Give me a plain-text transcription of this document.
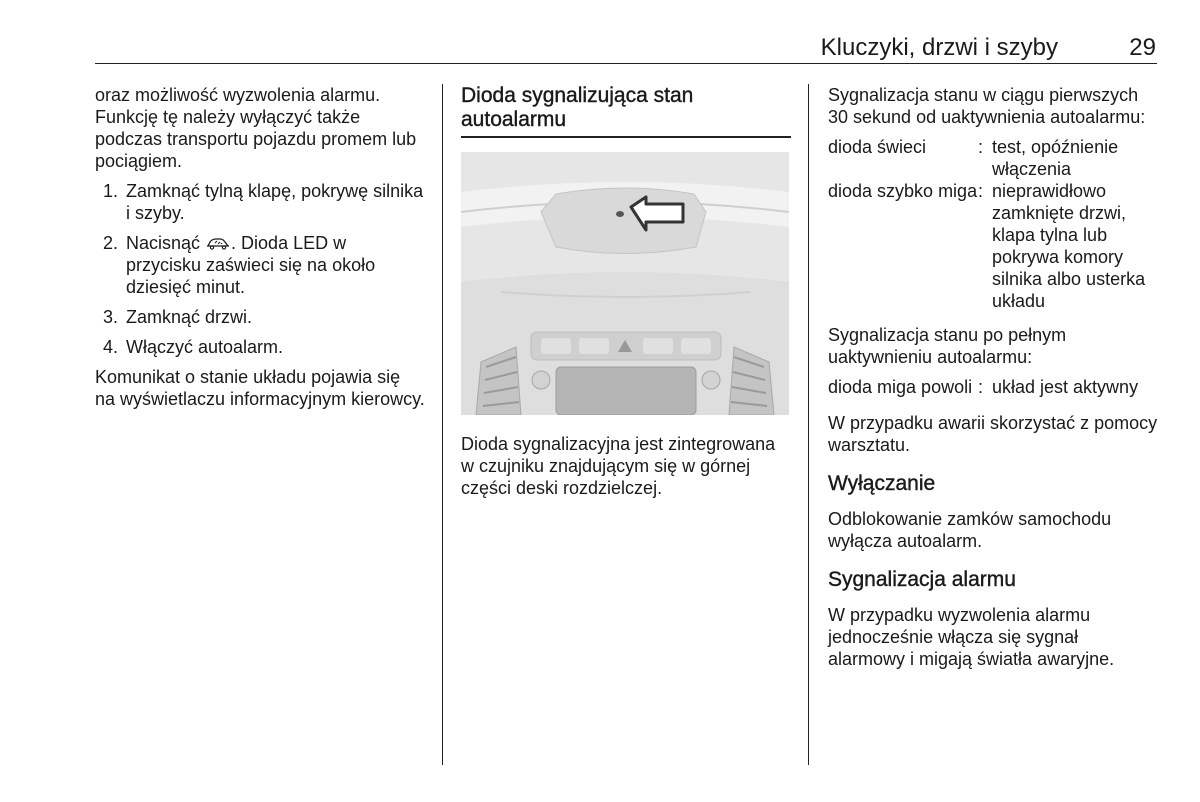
Kluczyki, drzwi i szyby	29

oraz możliwość wyzwolenia alarmu. Funkcję tę należy wyłączyć także podczas transportu pojazdu promem lub pociągiem.

1. Zamknąć tylną klapę, pokrywę silnika i szyby.
2. Nacisnąć . Dioda LED w przycisku zaświeci się na około dziesięć minut.
3. Zamknąć drzwi.
4. Włączyć autoalarm.

Komunikat o stanie układu pojawia się na wyświetlaczu informacyjnym kierowcy.

Dioda sygnalizująca stan autoalarmu

Dioda sygnalizacyjna jest zintegrowana w czujniku znajdującym się w górnej części deski rozdzielczej.

Sygnalizacja stanu w ciągu pierwszych 30 sekund od uaktywnienia autoalarmu:

dioda świeci	: test, opóźnienie włączenia
dioda szybko miga : nieprawidłowo zamknięte drzwi, klapa tylna lub pokrywa komory silnika albo usterka układu

Sygnalizacja stanu po pełnym uaktywnieniu autoalarmu:

dioda miga powoli : układ jest aktywny

W przypadku awarii skorzystać z pomocy warsztatu.

Wyłączanie

Odblokowanie zamków samochodu wyłącza autoalarm.

Sygnalizacja alarmu

W przypadku wyzwolenia alarmu jednocześnie włącza się sygnał alarmowy i migają światła awaryjne.
